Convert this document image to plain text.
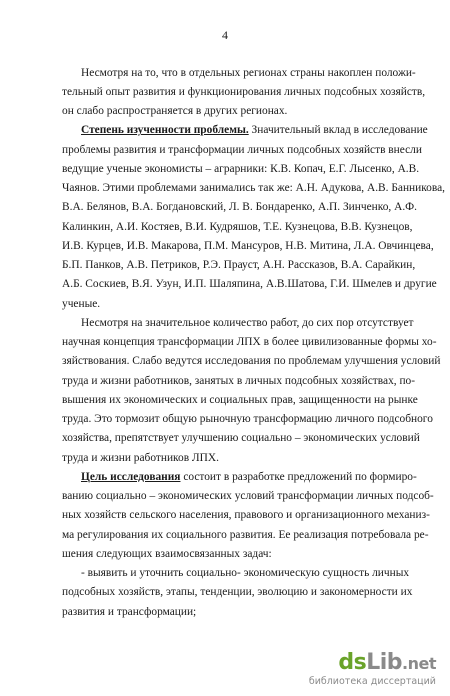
4
Несмотря на то, что в отдельных регионах страны накоплен положи-
тельный опыт развития и функционирования личных подсобных хозяйств,
он слабо распространяется в других регионах.
Степень изученности проблемы. Значительный вклад в исследование
проблемы развития и трансформации личных подсобных хозяйств внесли
ведущие ученые экономисты – аграрники: К.В. Копач, Е.Г. Лысенко, А.В.
Чаянов. Этими проблемами занимались так же: А.Н. Адукова, А.В. Банникова,
В.А. Белянов, В.А. Богдановский, Л. В. Бондаренко, А.П. Зинченко, А.Ф.
Калинкин, А.И. Костяев, В.И. Кудряшов, Т.Е. Кузнецова, В.В. Кузнецов,
И.В. Курцев, И.В. Макарова, П.М. Мансуров, Н.В. Митина, Л.А. Овчинцева,
Б.П. Панков, А.В. Петриков, Р.Э. Прауст, А.Н. Рассказов, В.А. Сарайкин,
А.Б. Соскиев, В.Я. Узун, И.П. Шаляпина, А.В.Шатова, Г.И. Шмелев и другие
ученые.
Несмотря на значительное количество работ, до сих пор отсутствует
научная концепция трансформации ЛПХ в более цивилизованные формы хо-
зяйствования. Слабо ведутся исследования по проблемам улучшения условий
труда и жизни работников, занятых в личных подсобных хозяйствах, по-
вышения их экономических и социальных прав, защищенности на рынке
труда. Это тормозит общую рыночную трансформацию личного подсобного
хозяйства, препятствует улучшению социально – экономических условий
труда и жизни работников ЛПХ.
Цель исследования состоит в разработке предложений по формиро-
ванию социально – экономических условий трансформации личных подсоб-
ных хозяйств сельского населения, правового и организационного механиз-
ма регулирования их социального развития. Ее реализация потребовала ре-
шения следующих взаимосвязанных задач:
- выявить и уточнить социально- экономическую сущность личных
подсобных хозяйств, этапы, тенденции, эволюцию и закономерности их
развития и трансформации;
dsLib.net
библиотека диссертаций
